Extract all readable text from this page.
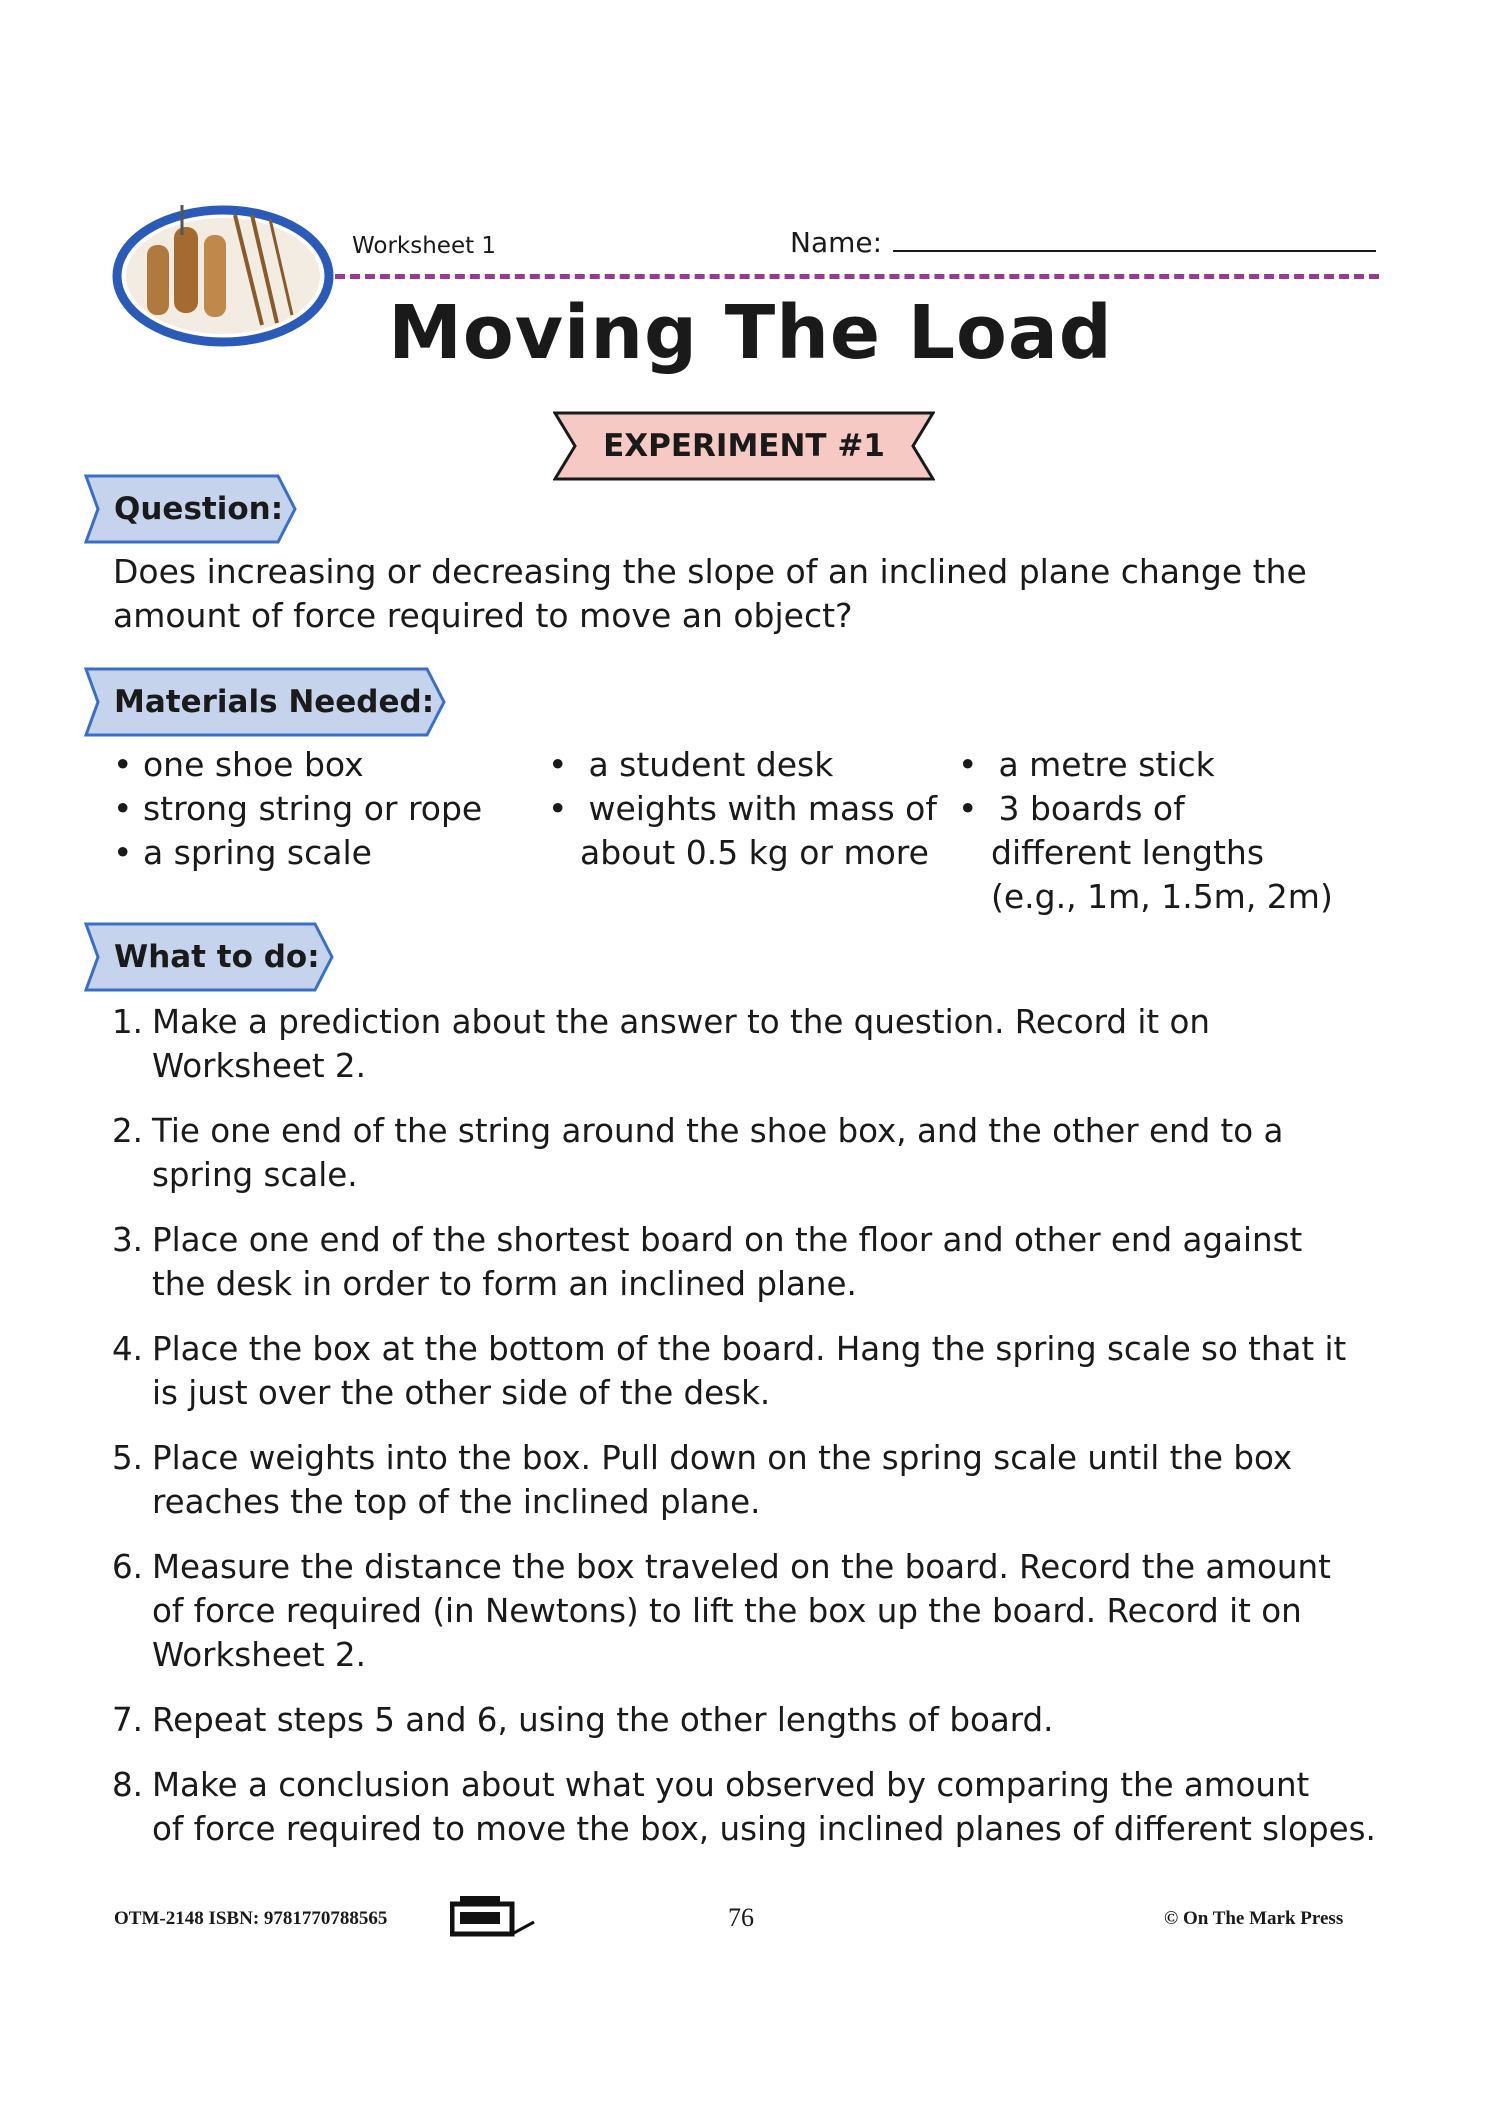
Worksheet 1	Name:
Moving The Load
EXPERIMENT #1
Question:
Does increasing or decreasing the slope of an inclined plane change the
amount of force required to move an object?
Materials Needed:
• one shoe box
• strong string or rope
• a spring scale
•  a student desk
•  weights with mass of
about 0.5 kg or more
•  a metre stick
•  3 boards of
different lengths
(e.g., 1m, 1.5m, 2m)
What to do:
1. Make a prediction about the answer to the question. Record it on
Worksheet 2.
2. Tie one end of the string around the shoe box, and the other end to a
spring scale.
3. Place one end of the shortest board on the floor and other end against
the desk in order to form an inclined plane.
4. Place the box at the bottom of the board. Hang the spring scale so that it
is just over the other side of the desk.
5. Place weights into the box. Pull down on the spring scale until the box
reaches the top of the inclined plane.
6. Measure the distance the box traveled on the board. Record the amount
of force required (in Newtons) to lift the box up the board. Record it on
Worksheet 2.
7. Repeat steps 5 and 6, using the other lengths of board.
8. Make a conclusion about what you observed by comparing the amount
of force required to move the box, using inclined planes of different slopes.
OTM-2148 ISBN: 9781770788565	76	© On The Mark Press
